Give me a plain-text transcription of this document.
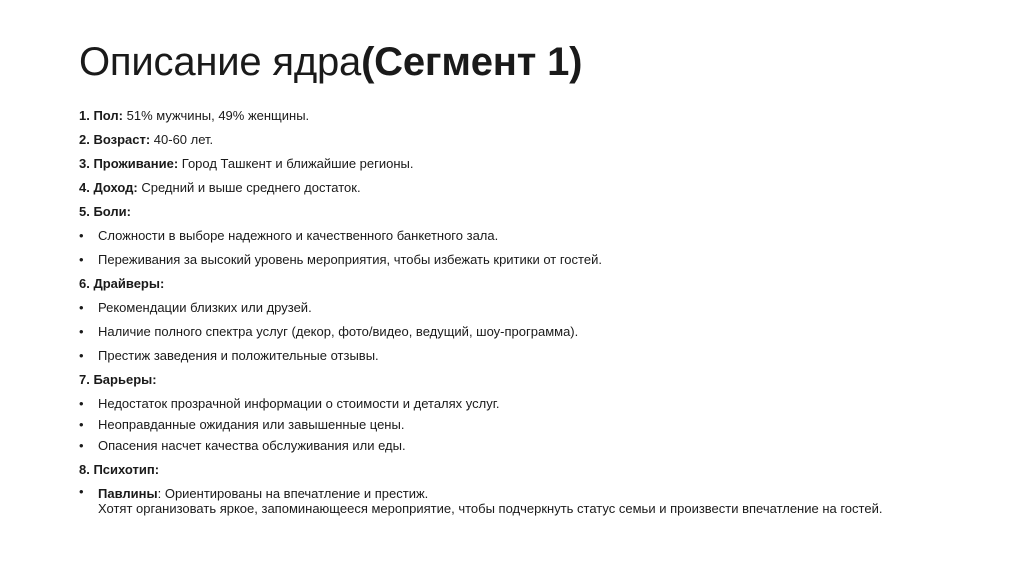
Описание ядра(Сегмент 1)
1. Пол: 51% мужчины, 49% женщины.
2. Возраст: 40-60 лет.
3. Проживание: Город Ташкент и ближайшие регионы.
4. Доход: Средний и выше среднего достаток.
5. Боли:
•	Сложности в выборе надежного и качественного банкетного зала.
•	Переживания за высокий уровень мероприятия, чтобы избежать критики от гостей.
6. Драйверы:
•	Рекомендации близких или друзей.
•	Наличие полного спектра услуг (декор, фото/видео, ведущий, шоу-программа).
•	Престиж заведения и положительные отзывы.
7. Барьеры:
•	Недостаток прозрачной информации о стоимости и деталях услуг.
•	Неоправданные ожидания или завышенные цены.
•	Опасения насчет качества обслуживания или еды.
8. Психотип:
•	Павлины: Ориентированы на впечатление и престиж.
Хотят организовать яркое, запоминающееся мероприятие, чтобы подчеркнуть статус семьи и произвести впечатление на гостей.
